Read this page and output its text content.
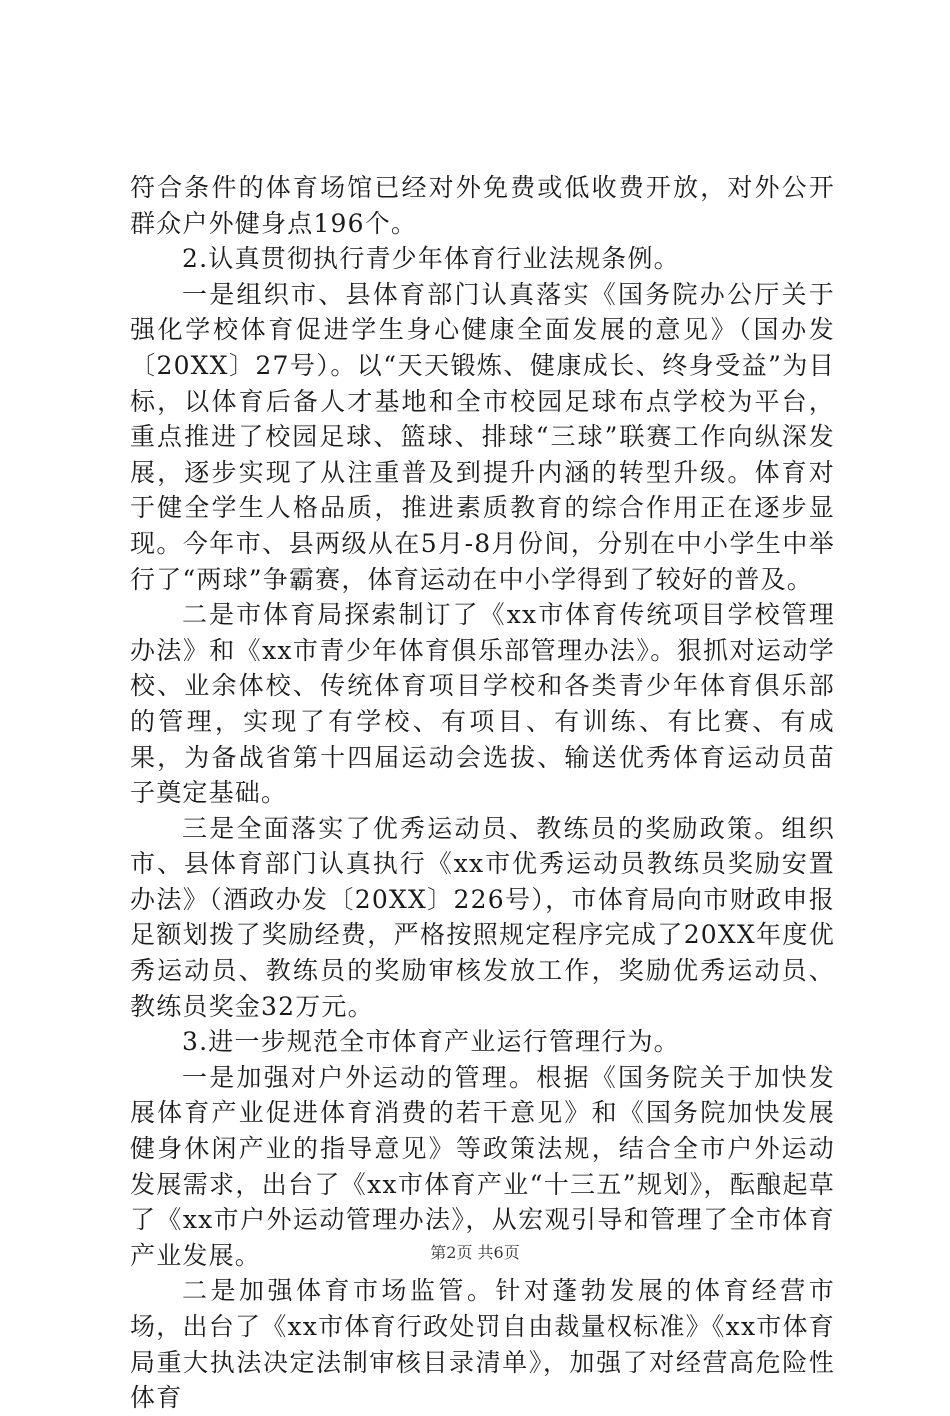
符合条件的体育场馆已经对外免费或低收费开放，对外公开群众户外健身点196个。

2.认真贯彻执行青少年体育行业法规条例。

一是组织市、县体育部门认真落实《国务院办公厅关于强化学校体育促进学生身心健康全面发展的意见》（国办发〔20XX〕27号）。以“天天锻炼、健康成长、终身受益”为目标，以体育后备人才基地和全市校园足球布点学校为平台，重点推进了校园足球、篮球、排球“三球”联赛工作向纵深发展，逐步实现了从注重普及到提升内涵的转型升级。体育对于健全学生人格品质，推进素质教育的综合作用正在逐步显现。今年市、县两级从在5月-8月份间，分别在中小学生中举行了“两球”争霸赛，体育运动在中小学得到了较好的普及。

二是市体育局探索制订了《xx市体育传统项目学校管理办法》和《xx市青少年体育俱乐部管理办法》。狠抓对运动学校、业余体校、传统体育项目学校和各类青少年体育俱乐部的管理，实现了有学校、有项目、有训练、有比赛、有成果，为备战省第十四届运动会选拔、输送优秀体育运动员苗子奠定基础。

三是全面落实了优秀运动员、教练员的奖励政策。组织市、县体育部门认真执行《xx市优秀运动员教练员奖励安置办法》（酒政办发〔20XX〕226号），市体育局向市财政申报足额划拨了奖励经费，严格按照规定程序完成了20XX年度优秀运动员、教练员的奖励审核发放工作，奖励优秀运动员、教练员奖金32万元。

3.进一步规范全市体育产业运行管理行为。

一是加强对户外运动的管理。根据《国务院关于加快发展体育产业促进体育消费的若干意见》和《国务院加快发展健身休闲产业的指导意见》等政策法规，结合全市户外运动发展需求，出台了《xx市体育产业“十三五”规划》，酝酿起草了《xx市户外运动管理办法》，从宏观引导和管理了全市体育产业发展。

二是加强体育市场监管。针对蓬勃发展的体育经营市场，出台了《xx市体育行政处罚自由裁量权标准》《xx市体育局重大执法决定法制审核目录清单》，加强了对经营高危险性体育

第2页 共6页
